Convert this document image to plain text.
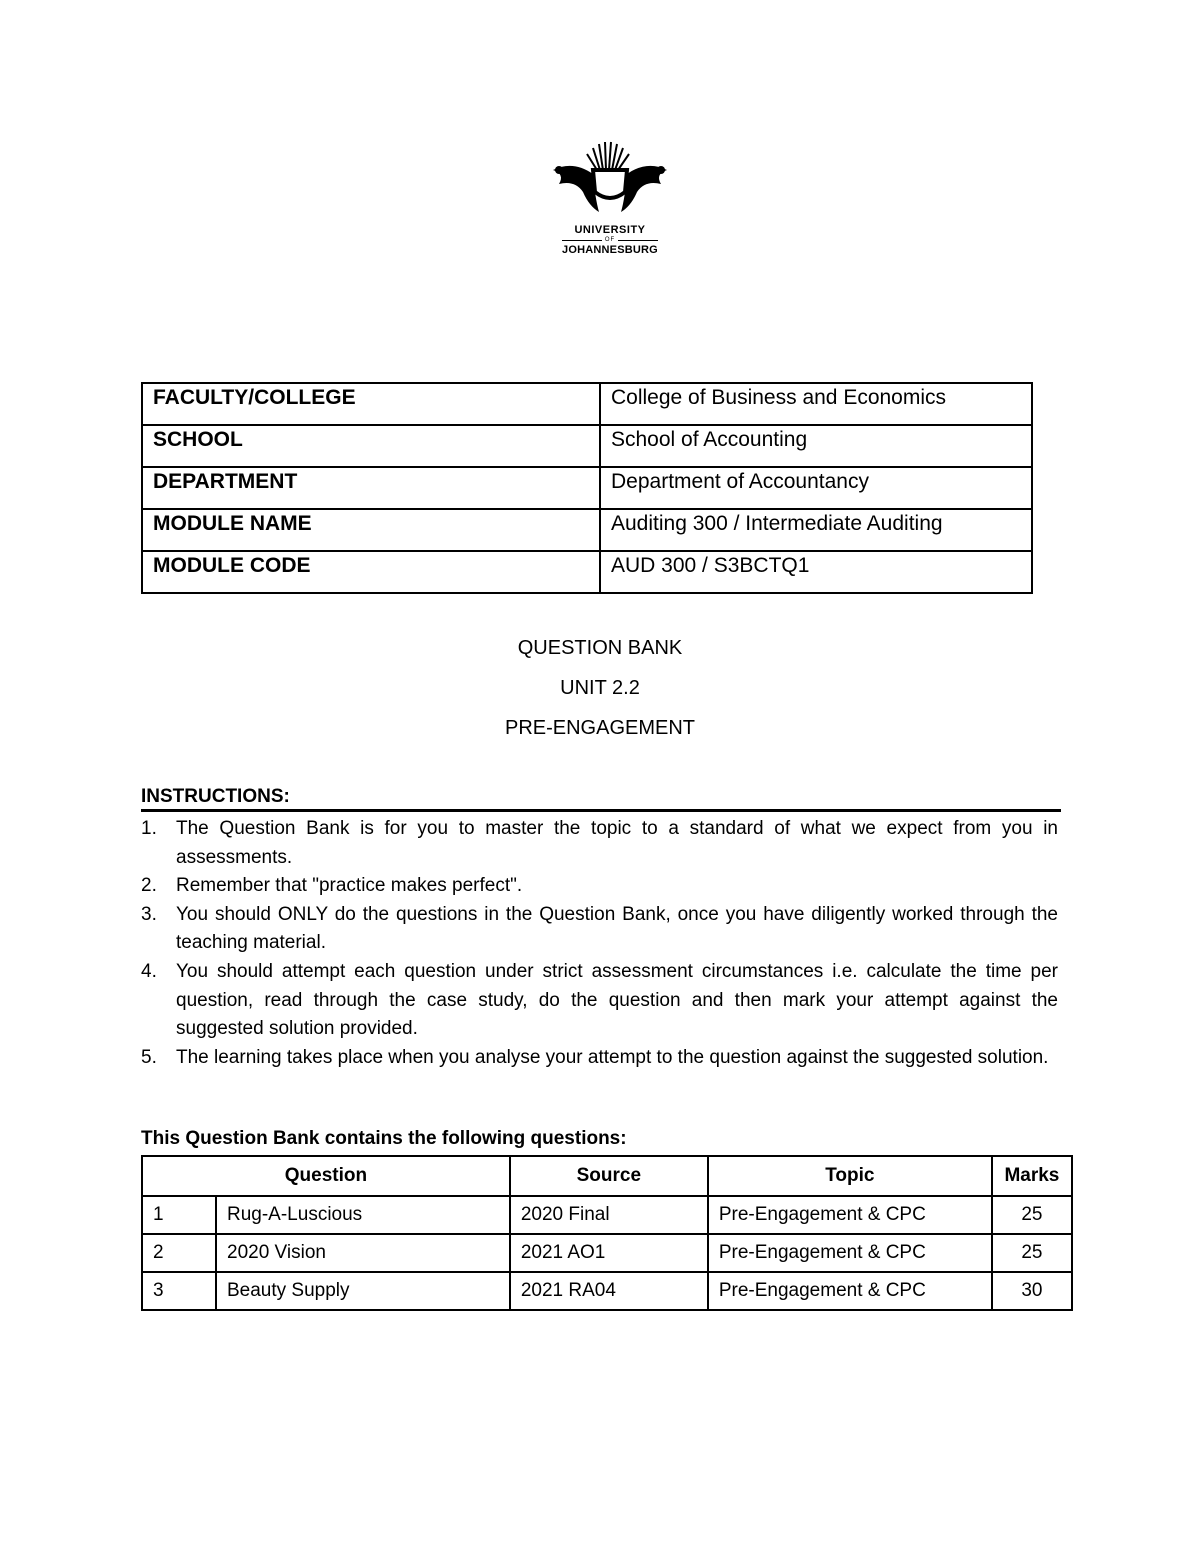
UNIVERSITY
OF
JOHANNESBURG
FACULTY/COLLEGE	College of Business and Economics
SCHOOL	School of Accounting
DEPARTMENT	Department of Accountancy
MODULE NAME	Auditing 300 / Intermediate Auditing
MODULE CODE	AUD 300 / S3BCTQ1
QUESTION BANK
UNIT 2.2
PRE-ENGAGEMENT
INSTRUCTIONS:
1. The Question Bank is for you to master the topic to a standard of what we expect from you in assessments.
2. Remember that "practice makes perfect".
3. You should ONLY do the questions in the Question Bank, once you have diligently worked through the teaching material.
4. You should attempt each question under strict assessment circumstances i.e. calculate the time per question, read through the case study, do the question and then mark your attempt against the suggested solution provided.
5. The learning takes place when you analyse your attempt to the question against the suggested solution.
This Question Bank contains the following questions:
Question		Source	Topic	Marks
1	Rug-A-Luscious	2020 Final	Pre-Engagement & CPC	25
2	2020 Vision	2021 AO1	Pre-Engagement & CPC	25
3	Beauty Supply	2021 RA04	Pre-Engagement & CPC	30
